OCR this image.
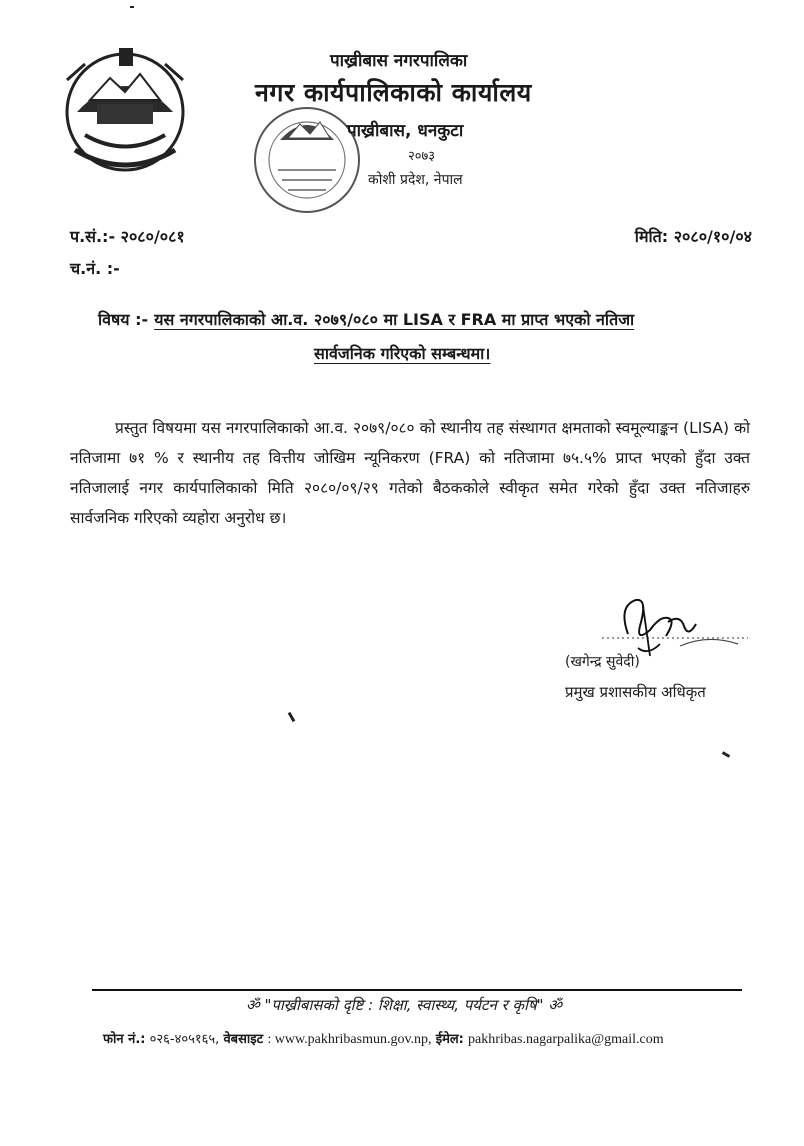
पाख्रीबास नगरपालिका
नगर कार्यपालिकाको कार्यालय
पाख्रीबास, धनकुटा
२०७३
कोशी प्रदेश, नेपाल
प.सं.:- २०८०/०८१
च.नं. :-
मिति: २०८०/१०/०४
विषय :- यस नगरपालिकाको आ.व. २०७९/०८० मा LISA र FRA मा प्राप्त भएको नतिजा
सार्वजनिक गरिएको सम्बन्धमा।
प्रस्तुत विषयमा यस नगरपालिकाको आ.व. २०७९/०८० को स्थानीय तह संस्थागत क्षमताको स्वमूल्याङ्कन (LISA) को नतिजामा ७१ % र स्थानीय तह वित्तीय जोखिम न्यूनिकरण (FRA) को नतिजामा ७५.५% प्राप्त भएको हुँदा उक्त नतिजालाई नगर कार्यपालिकाको मिति २०८०/०९/२९ गतेको बैठककोले स्वीकृत समेत गरेको हुँदा उक्त नतिजाहरु सार्वजनिक गरिएको व्यहोरा अनुरोध छ।
(खगेन्द्र सुवेदी)
प्रमुख प्रशासकीय अधिकृत
ॐ "पाख्रीबासको दृष्टि : शिक्षा, स्वास्थ्य, पर्यटन र कृषि" ॐ
फोन नं.: ०२६-४०५१६५, वेबसाइट : www.pakhribasmun.gov.np, ईमेल: pakhribas.nagarpalika@gmail.com
